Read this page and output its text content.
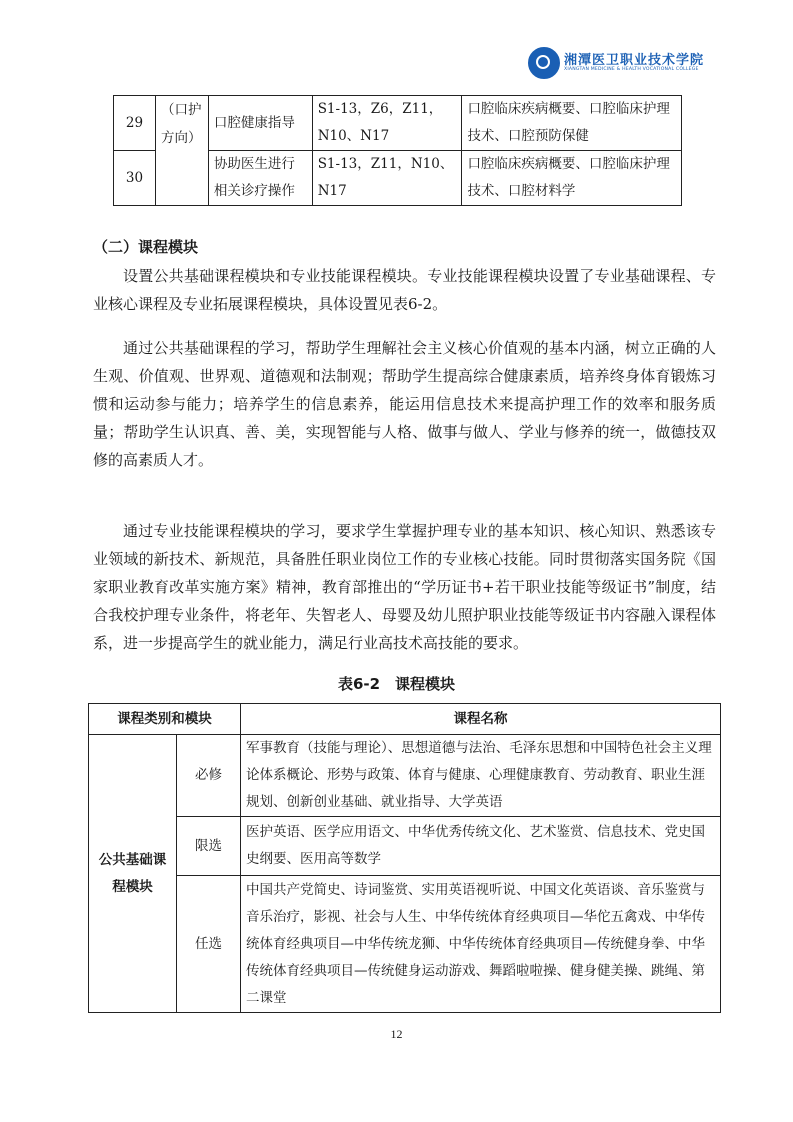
湘潭医卫职业技术学院
XIANGTAN MEDICINE & HEALTH VOCATIONAL COLLEGE
29	（口护方向）	口腔健康指导	S1-13，Z6，Z11，N10、N17	口腔临床疾病概要、口腔临床护理技术、口腔预防保健
30		协助医生进行相关诊疗操作	S1-13，Z11，N10、N17	口腔临床疾病概要、口腔临床护理技术、口腔材料学
（二）课程模块

设置公共基础课程模块和专业技能课程模块。专业技能课程模块设置了专业基础课程、专业核心课程及专业拓展课程模块，具体设置见表6-2。

通过公共基础课程的学习，帮助学生理解社会主义核心价值观的基本内涵，树立正确的人生观、价值观、世界观、道德观和法制观；帮助学生提高综合健康素质，培养终身体育锻炼习惯和运动参与能力；培养学生的信息素养，能运用信息技术来提高护理工作的效率和服务质量；帮助学生认识真、善、美，实现智能与人格、做事与做人、学业与修养的统一，做德技双修的高素质人才。

通过专业技能课程模块的学习，要求学生掌握护理专业的基本知识、核心知识、熟悉该专业领域的新技术、新规范，具备胜任职业岗位工作的专业核心技能。同时贯彻落实国务院《国家职业教育改革实施方案》精神，教育部推出的“学历证书+若干职业技能等级证书”制度，结合我校护理专业条件，将老年、失智老人、母婴及幼儿照护职业技能等级证书内容融入课程体系，进一步提高学生的就业能力，满足行业高技术高技能的要求。

表6-2　课程模块
课程类别和模块		课程名称
公共基础课程模块	必修	军事教育（技能与理论）、思想道德与法治、毛泽东思想和中国特色社会主义理论体系概论、形势与政策、体育与健康、心理健康教育、劳动教育、职业生涯规划、创新创业基础、就业指导、大学英语
	限选	医护英语、医学应用语文、中华优秀传统文化、艺术鉴赏、信息技术、党史国史纲要、医用高等数学
	任选	中国共产党简史、诗词鉴赏、实用英语视听说、中国文化英语谈、音乐鉴赏与音乐治疗，影视、社会与人生、中华传统体育经典项目—华佗五禽戏、中华传统体育经典项目—中华传统龙狮、中华传统体育经典项目—传统健身拳、中华传统体育经典项目—传统健身运动游戏、舞蹈啦啦操、健身健美操、跳绳、第二课堂
12
